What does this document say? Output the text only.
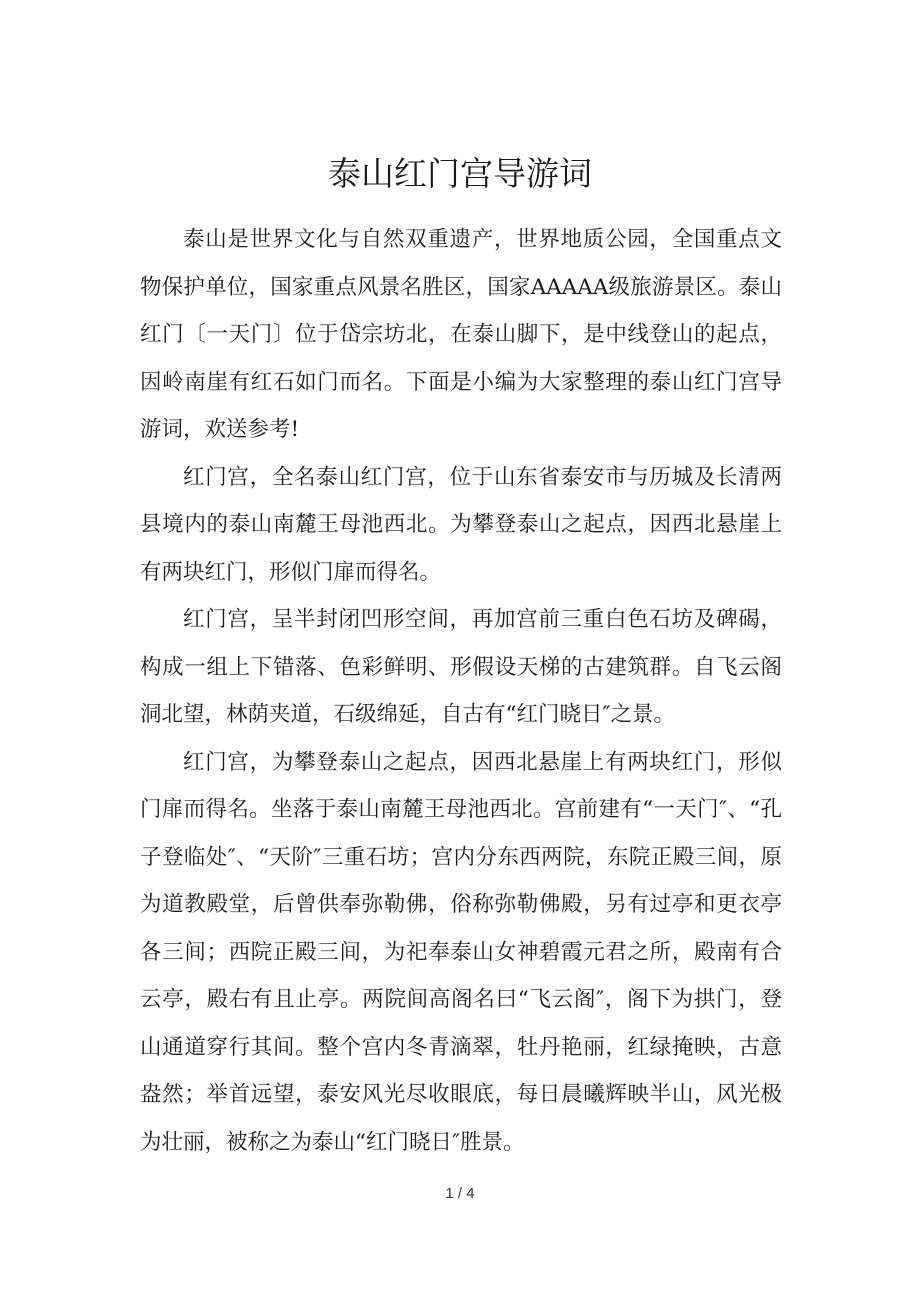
泰山红门宫导游词

泰山是世界文化与自然双重遗产，世界地质公园，全国重点文物保护单位，国家重点风景名胜区，国家AAAAA级旅游景区。泰山红门〔一天门〕位于岱宗坊北，在泰山脚下，是中线登山的起点，因岭南崖有红石如门而名。下面是小编为大家整理的泰山红门宫导游词，欢送参考!

红门宫，全名泰山红门宫，位于山东省泰安市与历城及长清两县境内的泰山南麓王母池西北。为攀登泰山之起点，因西北悬崖上有两块红门，形似门扉而得名。

红门宫，呈半封闭凹形空间，再加宫前三重白色石坊及碑碣，构成一组上下错落、色彩鲜明、形假设天梯的古建筑群。自飞云阁洞北望，林荫夹道，石级绵延，自古有“红门晓日″之景。

红门宫，为攀登泰山之起点，因西北悬崖上有两块红门，形似门扉而得名。坐落于泰山南麓王母池西北。宫前建有“一天门″、“孔子登临处″、“天阶″三重石坊；宫内分东西两院，东院正殿三间，原为道教殿堂，后曾供奉弥勒佛，俗称弥勒佛殿，另有过亭和更衣亭各三间；西院正殿三间，为祀奉泰山女神碧霞元君之所，殿南有合云亭，殿右有且止亭。两院间高阁名曰“飞云阁″，阁下为拱门，登山通道穿行其间。整个宫内冬青滴翠，牡丹艳丽，红绿掩映，古意盎然；举首远望，泰安风光尽收眼底，每日晨曦辉映半山，风光极为壮丽，被称之为泰山“红门晓日″胜景。

1 / 4
